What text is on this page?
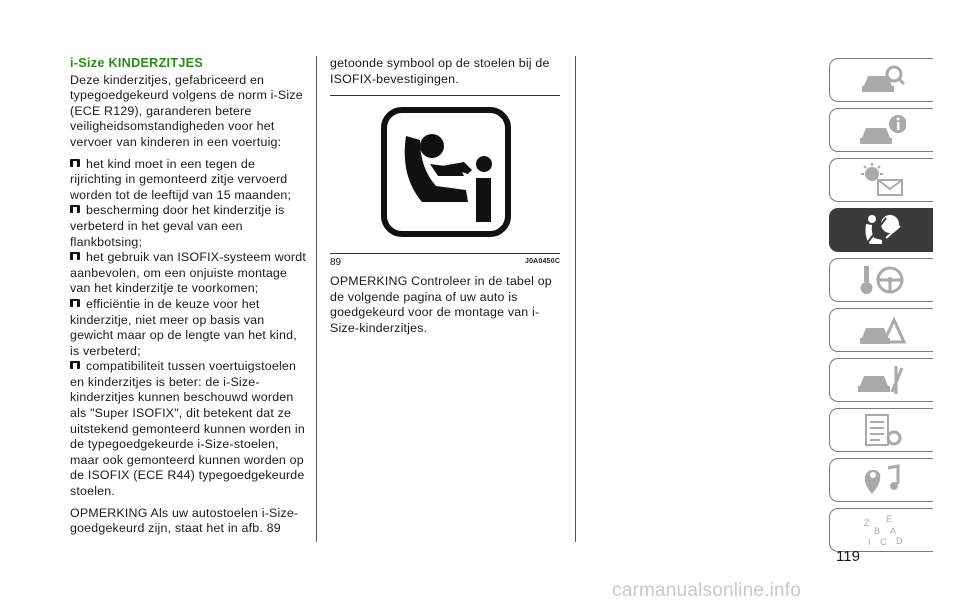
i-Size KINDERZITJES

Deze kinderzitjes, gefabriceerd en typegoedgekeurd volgens de norm i-Size (ECE R129), garanderen betere veiligheidsomstandigheden voor het vervoer van kinderen in een voertuig:

het kind moet in een tegen de rijrichting in gemonteerd zitje vervoerd worden tot de leeftijd van 15 maanden;

bescherming door het kinderzitje is verbeterd in het geval van een flankbotsing;

het gebruik van ISOFIX-systeem wordt aanbevolen, om een onjuiste montage van het kinderzitje te voorkomen;

efficiëntie in de keuze voor het kinderzitje, niet meer op basis van gewicht maar op de lengte van het kind, is verbeterd;

compatibiliteit tussen voertuigstoelen en kinderzitjes is beter: de i-Size-kinderzitjes kunnen beschouwd worden als "Super ISOFIX", dit betekent dat ze uitstekend gemonteerd kunnen worden in de typegoedgekeurde i-Size-stoelen, maar ook gemonteerd kunnen worden op de ISOFIX (ECE R44) typegoedgekeurde stoelen.

OPMERKING Als uw autostoelen i-Size-goedgekeurd zijn, staat het in afb. 89

getoonde symbool op de stoelen bij de ISOFIX-bevestigingen.

89	J0A0450C

OPMERKING Controleer in de tabel op de volgende pagina of uw auto is goedgekeurd voor de montage van i-Size-kinderzitjes.

Z E
B A
I C D
119
carmanualsonline.info
